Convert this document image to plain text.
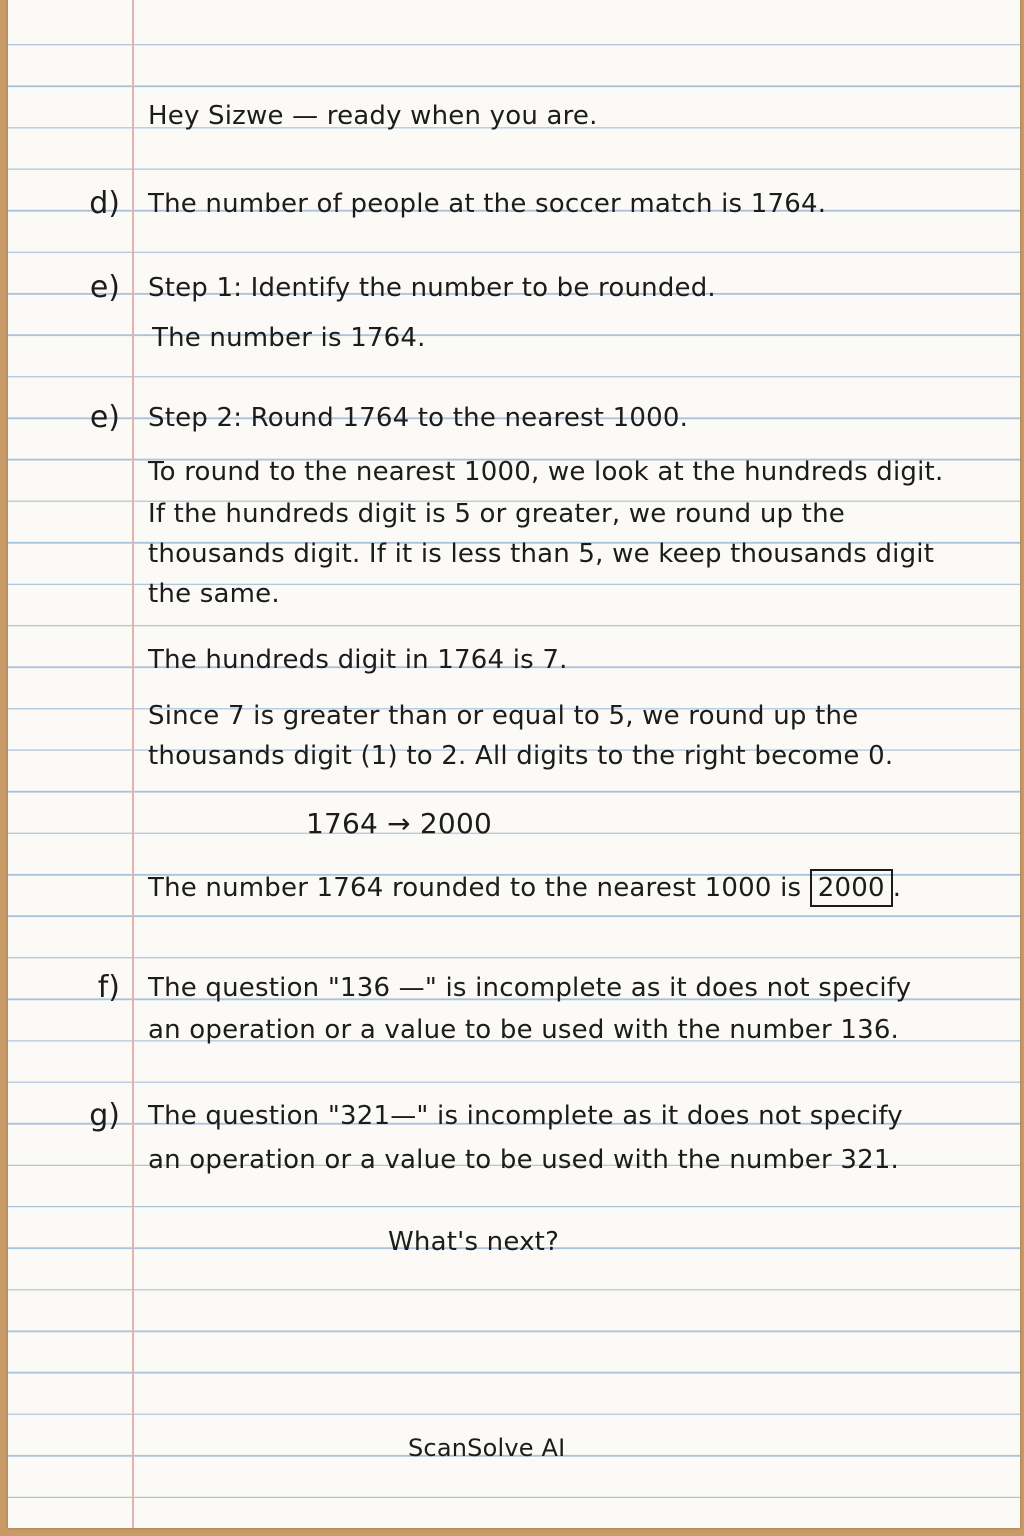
Hey Sizwe — ready when you are.
d) The number of people at the soccer match is 1764.
e) Step 1: Identify the number to be rounded.
The number is 1764.
e) Step 2: Round 1764 to the nearest 1000.
To round to the nearest 1000, we look at the hundreds digit.
If the hundreds digit is 5 or greater, we round up the
thousands digit. If it is less than 5, we keep thousands digit
the same.
The hundreds digit in 1764 is 7.
Since 7 is greater than or equal to 5, we round up the
thousands digit (1) to 2. All digits to the right become 0.
1764 → 2000
The number 1764 rounded to the nearest 1000 is 2000 .
f) The question "136 —" is incomplete as it does not specify
an operation or a value to be used with the number 136.
g) The question "321—" is incomplete as it does not specify
an operation or a value to be used with the number 321.
What's next?
ScanSolve AI
